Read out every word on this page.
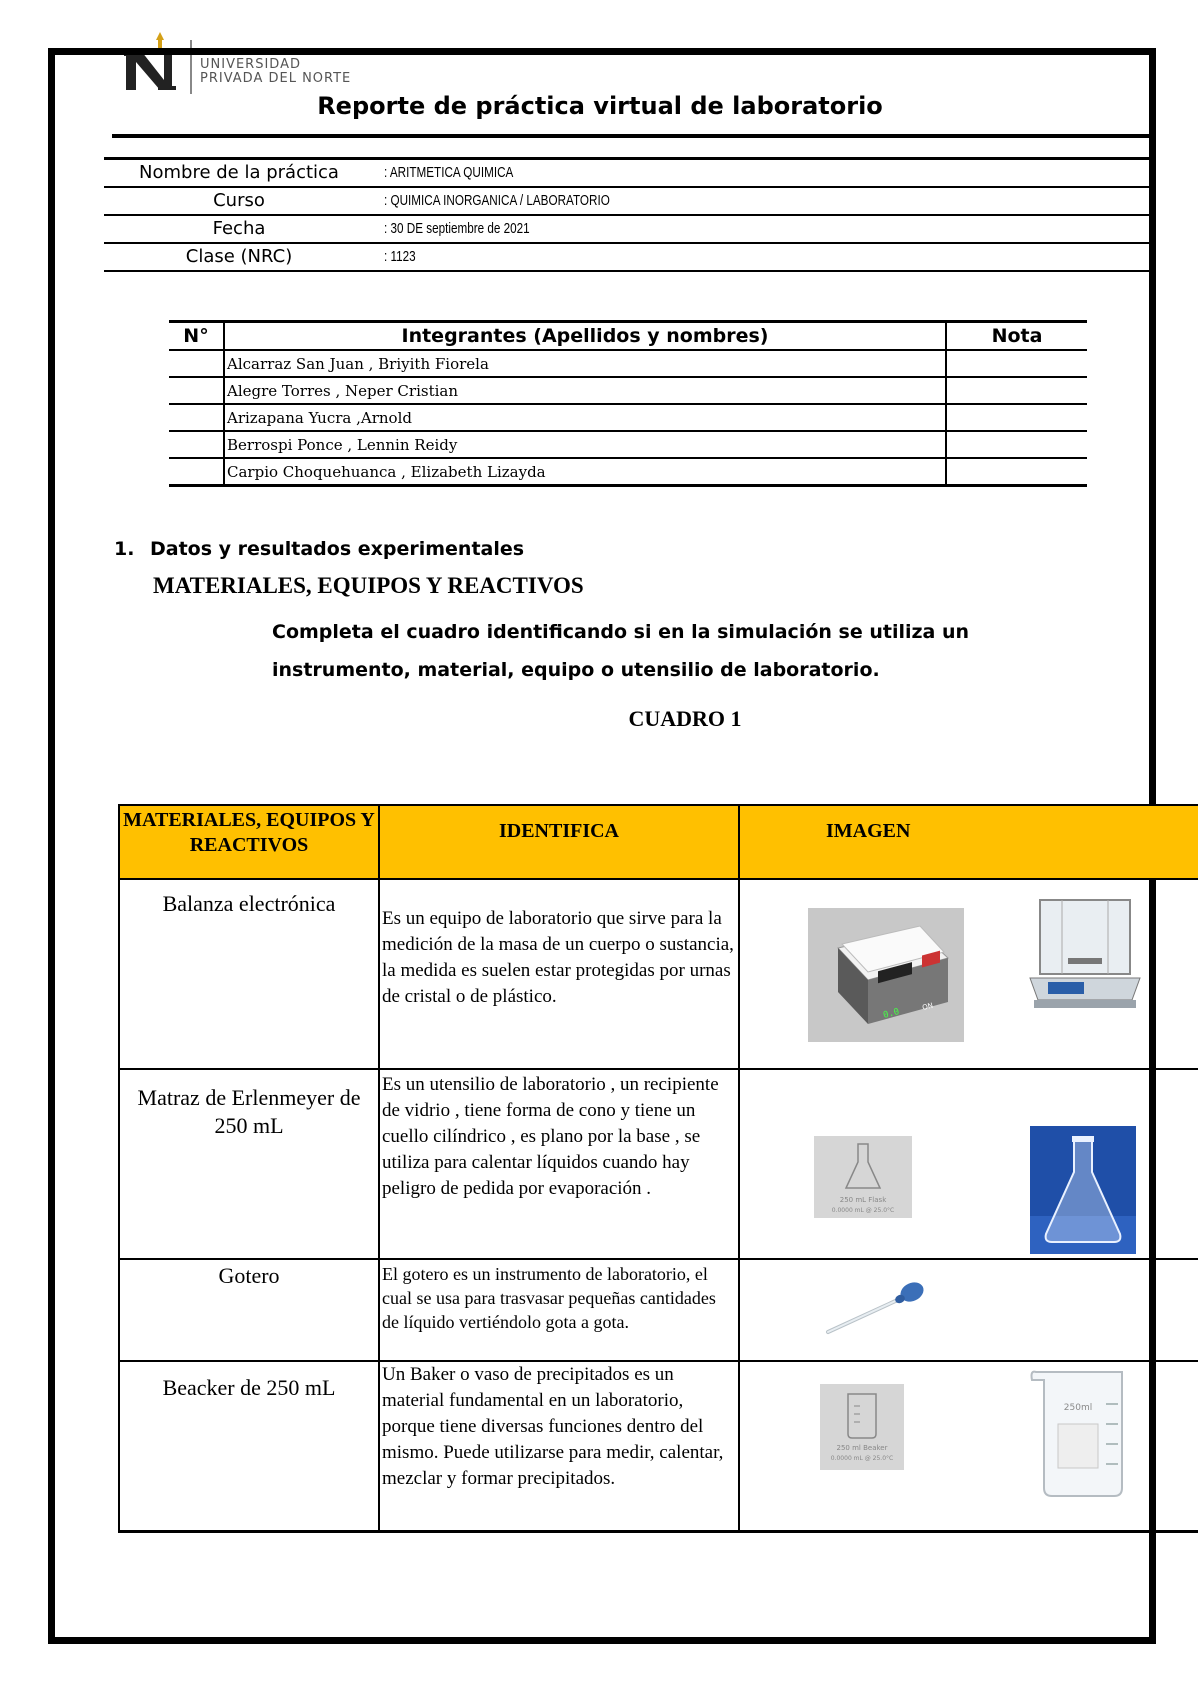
UNIVERSIDAD
PRIVADA DEL NORTE
Reporte de práctica virtual de laboratorio
Nombre de la práctica	: ARITMETICA QUIMICA
Curso	: QUIMICA INORGANICA / LABORATORIO
Fecha	: 30 DE septiembre de 2021
Clase (NRC)	: 1123
N°	Integrantes (Apellidos y nombres)	Nota
	Alcarraz San Juan , Briyith Fiorela	
	Alegre Torres , Neper Cristian	
	Arizapana Yucra ,Arnold	
	Berrospi Ponce , Lennin Reidy	
	Carpio Choquehuanca , Elizabeth Lizayda	
1. Datos y resultados experimentales
MATERIALES, EQUIPOS Y REACTIVOS
Completa el cuadro identificando si en la simulación se utiliza un instrumento, material, equipo o utensilio de laboratorio.
CUADRO 1
MATERIALES, EQUIPOS Y REACTIVOS	IDENTIFICA	IMAGEN

Balanza electrónica	Es un equipo de laboratorio que sirve para la medición de la masa de un cuerpo o sustancia, la medida es suelen estar protegidas por urnas de cristal o de plástico.	0.0
ON

Matraz de Erlenmeyer de 250 mL	Es un utensilio de laboratorio , un recipiente de vidrio , tiene forma de cono y tiene un cuello cilíndrico , es plano por la base , se utiliza para calentar líquidos cuando hay peligro de pedida por evaporación .	250 mL Flask
0.0000 mL @ 25.0°C

Gotero	El gotero es un instrumento de laboratorio, el cual se usa para trasvasar pequeñas cantidades de líquido vertiéndolo gota a gota.

Beacker de 250 mL	Un Baker o vaso de precipitados es un material fundamental en un laboratorio, porque tiene diversas funciones dentro del mismo. Puede utilizarse para medir, calentar, mezclar y formar precipitados.	250 ml Beaker
0.0000 mL @ 25.0°C
250ml
